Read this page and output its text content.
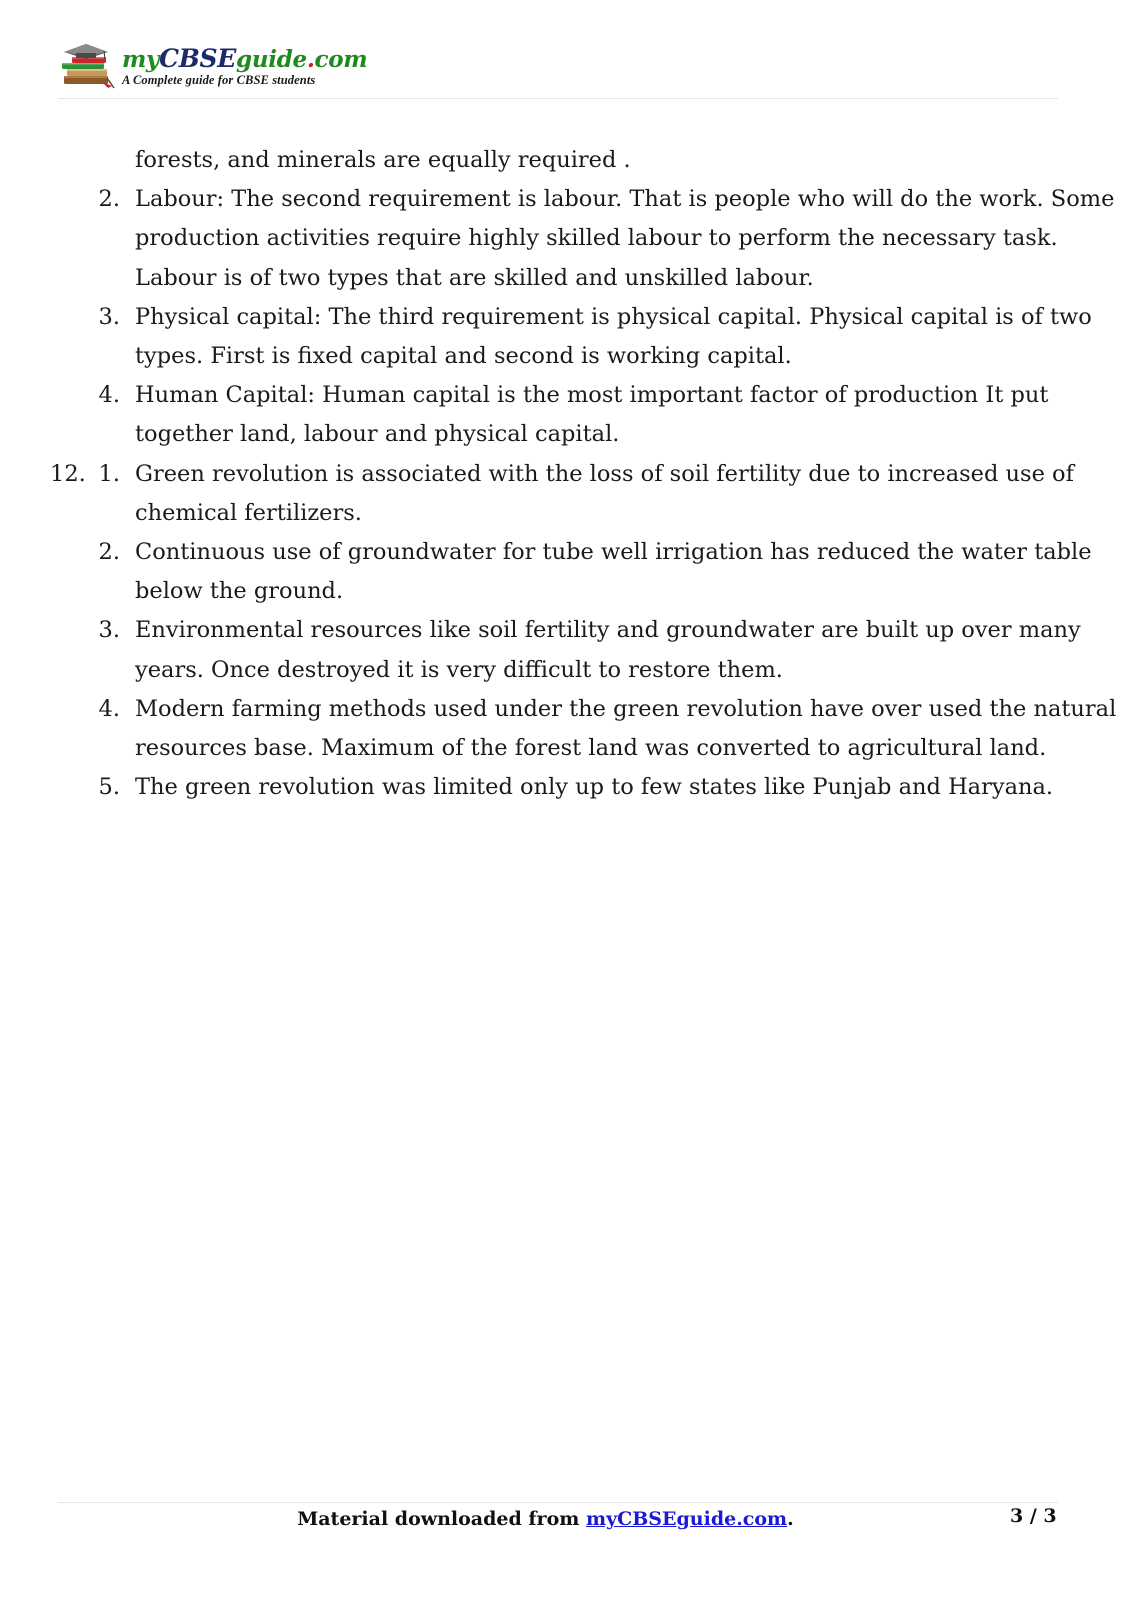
myCBSEguide.com
A Complete guide for CBSE students
forests, and minerals are equally required .
2. Labour: The second requirement is labour. That is people who will do the work. Some
production activities require highly skilled labour to perform the necessary task.
Labour is of two types that are skilled and unskilled labour.
3. Physical capital: The third requirement is physical capital. Physical capital is of two
types. First is fixed capital and second is working capital.
4. Human Capital: Human capital is the most important factor of production It put
together land, labour and physical capital.
12. 1. Green revolution is associated with the loss of soil fertility due to increased use of
chemical fertilizers.
2. Continuous use of groundwater for tube well irrigation has reduced the water table
below the ground.
3. Environmental resources like soil fertility and groundwater are built up over many
years. Once destroyed it is very difficult to restore them.
4. Modern farming methods used under the green revolution have over used the natural
resources base. Maximum of the forest land was converted to agricultural land.
5. The green revolution was limited only up to few states like Punjab and Haryana.
Material downloaded from myCBSEguide.com.	3 / 3
